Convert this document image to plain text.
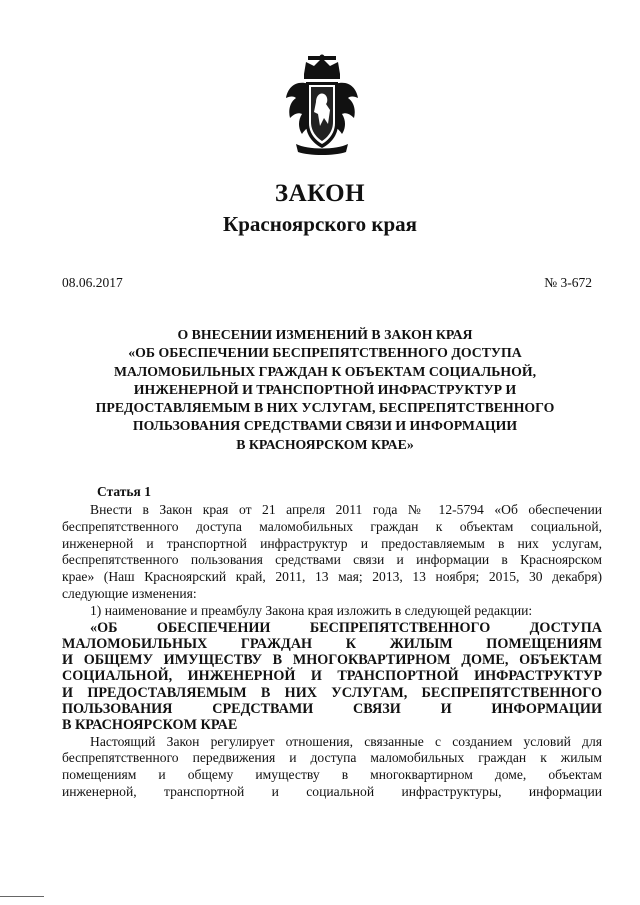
ЗАКОН
Красноярского края
08.06.2017	№ 3-672
О ВНЕСЕНИИ ИЗМЕНЕНИЙ В ЗАКОН КРАЯ
«ОБ ОБЕСПЕЧЕНИИ БЕСПРЕПЯТСТВЕННОГО ДОСТУПА
МАЛОМОБИЛЬНЫХ ГРАЖДАН К ОБЪЕКТАМ СОЦИАЛЬНОЙ,
ИНЖЕНЕРНОЙ И ТРАНСПОРТНОЙ ИНФРАСТРУКТУР И
ПРЕДОСТАВЛЯЕМЫМ В НИХ УСЛУГАМ, БЕСПРЕПЯТСТВЕННОГО
ПОЛЬЗОВАНИЯ СРЕДСТВАМИ СВЯЗИ И ИНФОРМАЦИИ
В КРАСНОЯРСКОМ КРАЕ»
Статья 1
Внести в Закон края от 21 апреля 2011 года № 12-5794 «Об обеспечении
беспрепятственного доступа маломобильных граждан к объектам социальной,
инженерной и транспортной инфраструктур и предоставляемым в них услугам,
беспрепятственного пользования средствами связи и информации в Красноярском
крае» (Наш Красноярский край, 2011, 13 мая; 2013, 13 ноября; 2015, 30 декабря)
следующие изменения:
1) наименование и преамбулу Закона края изложить в следующей редакции:
«ОБ ОБЕСПЕЧЕНИИ БЕСПРЕПЯТСТВЕННОГО ДОСТУПА
МАЛОМОБИЛЬНЫХ ГРАЖДАН К ЖИЛЫМ ПОМЕЩЕНИЯМ
И ОБЩЕМУ ИМУЩЕСТВУ В МНОГОКВАРТИРНОМ ДОМЕ, ОБЪЕКТАМ
СОЦИАЛЬНОЙ, ИНЖЕНЕРНОЙ И ТРАНСПОРТНОЙ ИНФРАСТРУКТУР
И ПРЕДОСТАВЛЯЕМЫМ В НИХ УСЛУГАМ, БЕСПРЕПЯТСТВЕННОГО
ПОЛЬЗОВАНИЯ СРЕДСТВАМИ СВЯЗИ И ИНФОРМАЦИИ
В КРАСНОЯРСКОМ КРАЕ
Настоящий Закон регулирует отношения, связанные с созданием условий для
беспрепятственного передвижения и доступа маломобильных граждан к жилым
помещениям и общему имуществу в многоквартирном доме, объектам
инженерной, транспортной и социальной инфраструктуры, информации
